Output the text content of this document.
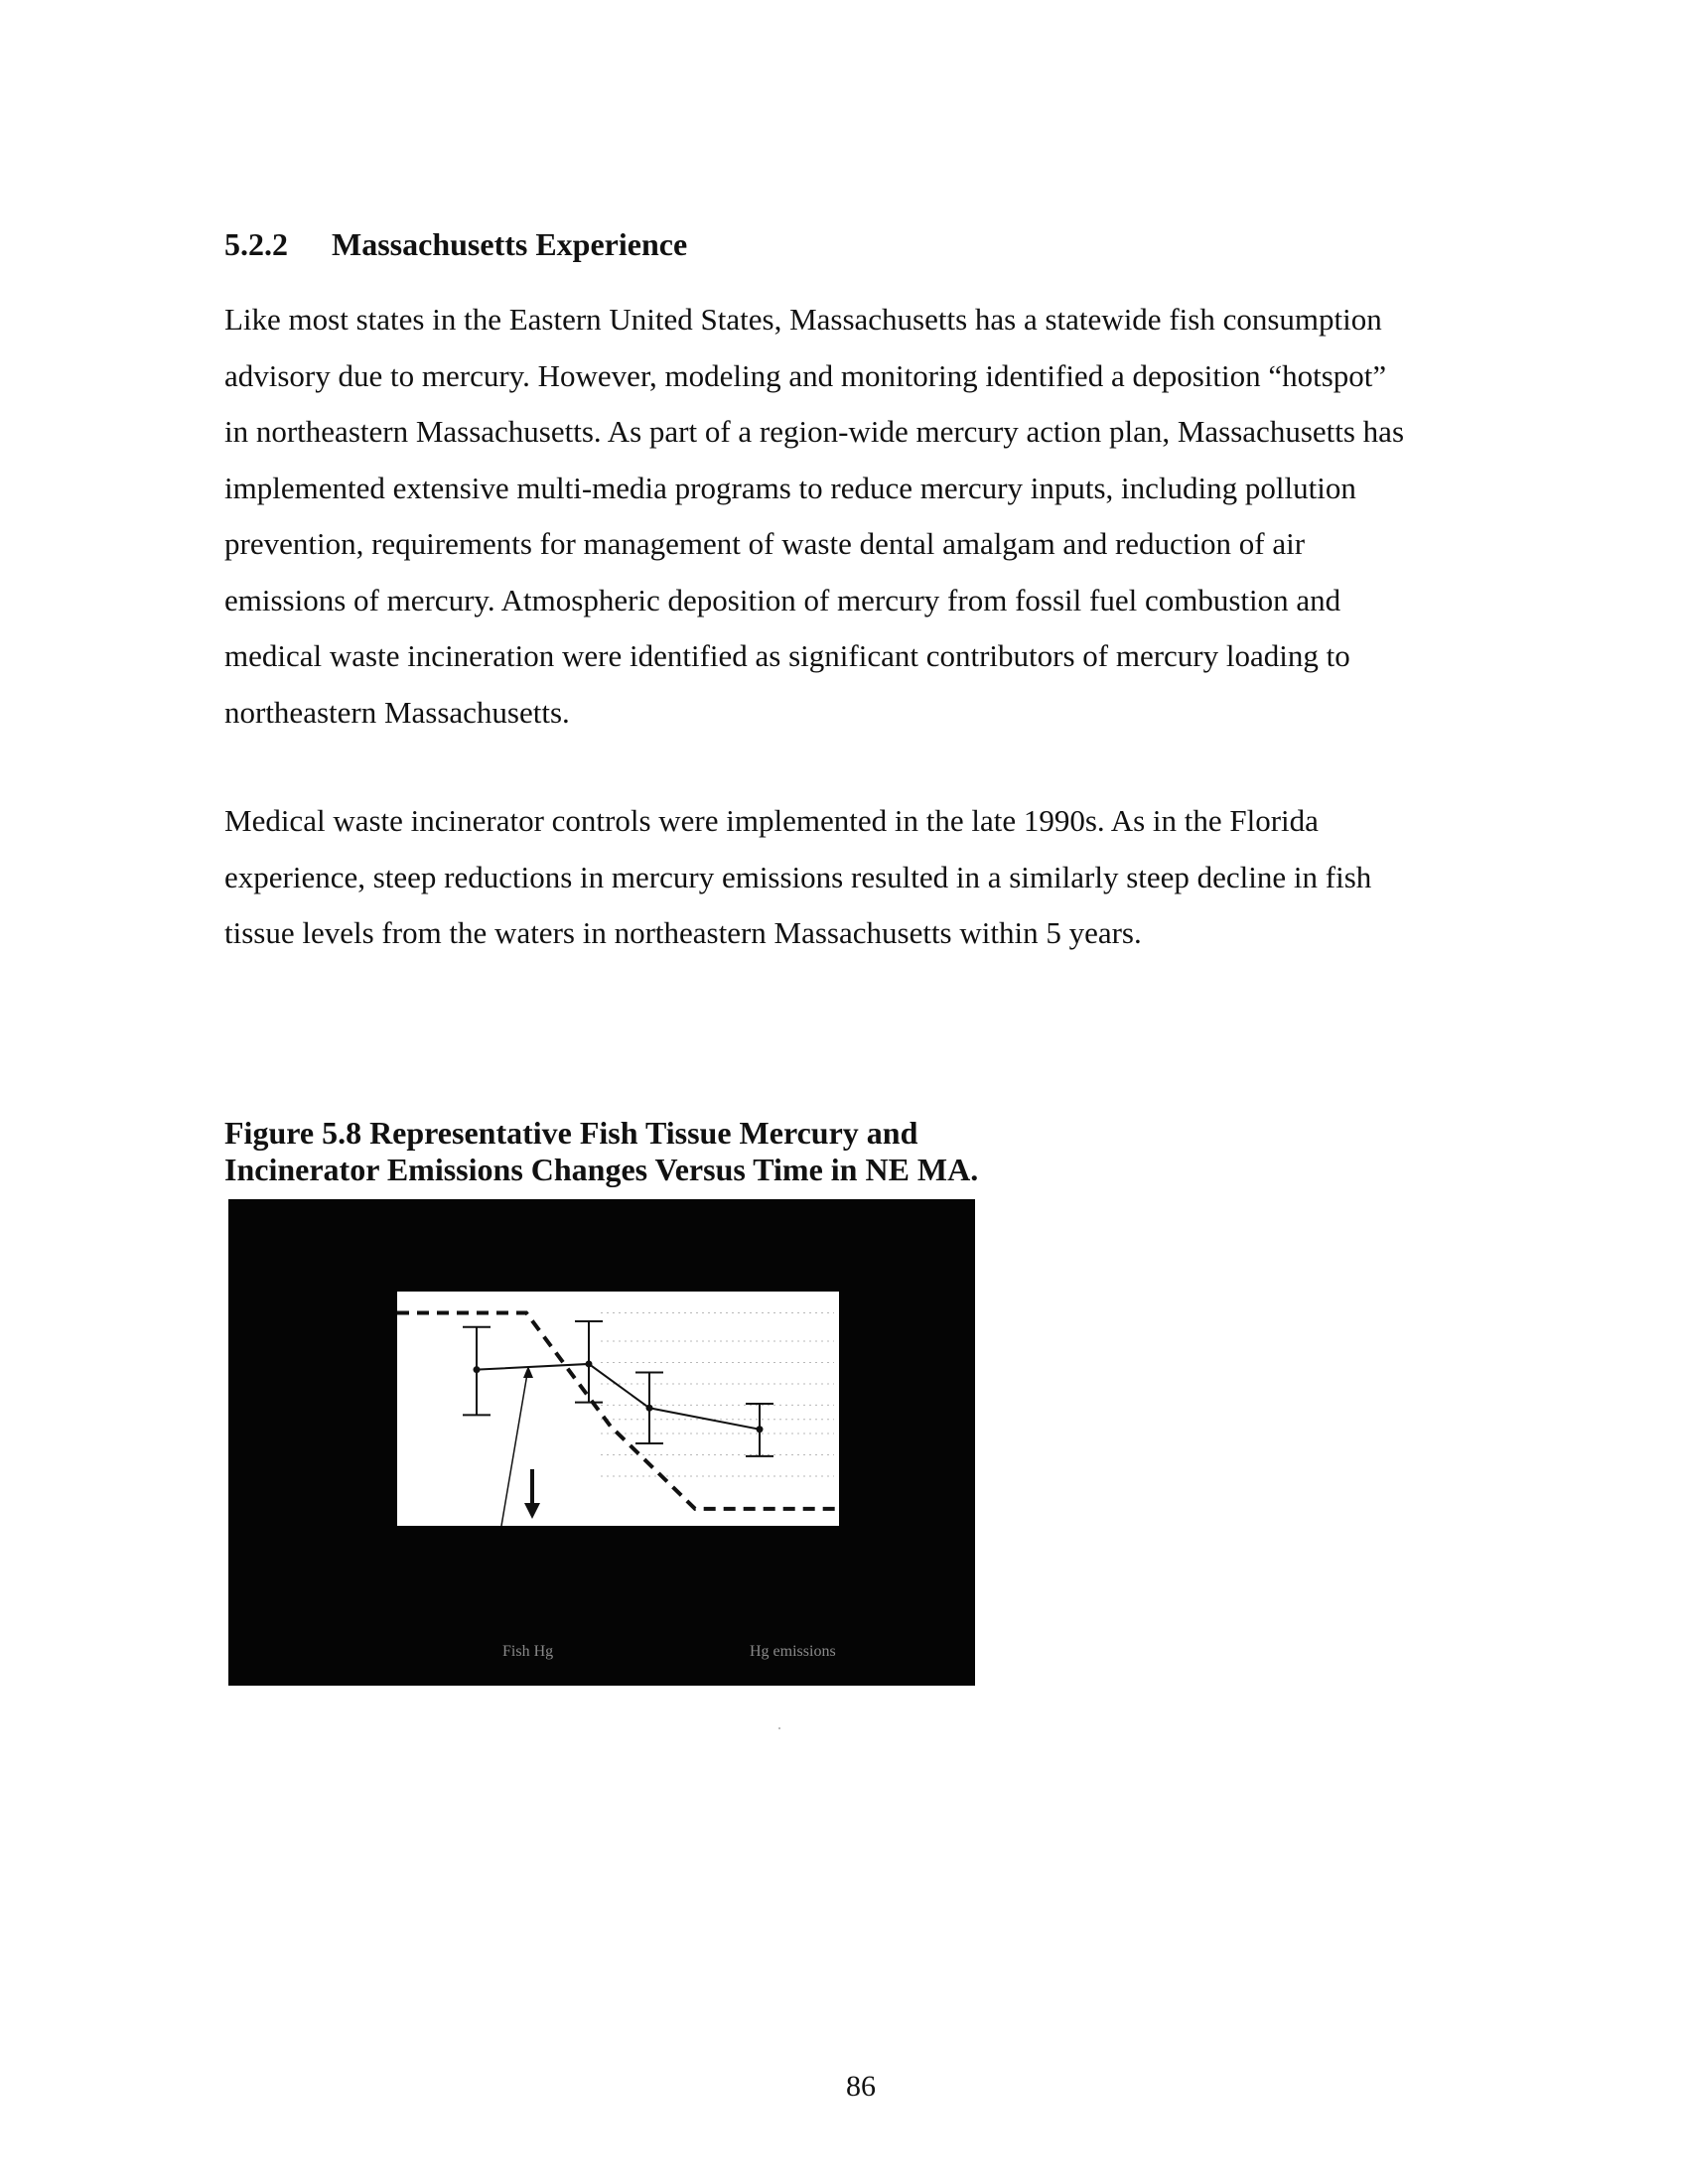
5.2.2 Massachusetts Experience

Like most states in the Eastern United States, Massachusetts has a statewide fish consumption
advisory due to mercury. However, modeling and monitoring identified a deposition “hotspot”
in northeastern Massachusetts. As part of a region-wide mercury action plan, Massachusetts has
implemented extensive multi-media programs to reduce mercury inputs, including pollution
prevention, requirements for management of waste dental amalgam and reduction of air
emissions of mercury. Atmospheric deposition of mercury from fossil fuel combustion and
medical waste incineration were identified as significant contributors of mercury loading to
northeastern Massachusetts.

Medical waste incinerator controls were implemented in the late 1990s. As in the Florida
experience, steep reductions in mercury emissions resulted in a similarly steep decline in fish
tissue levels from the waters in northeastern Massachusetts within 5 years.

Figure 5.8 Representative Fish Tissue Mercury and
Incinerator Emissions Changes Versus Time in NE MA.
Fish Hg	Hg emissions
86
